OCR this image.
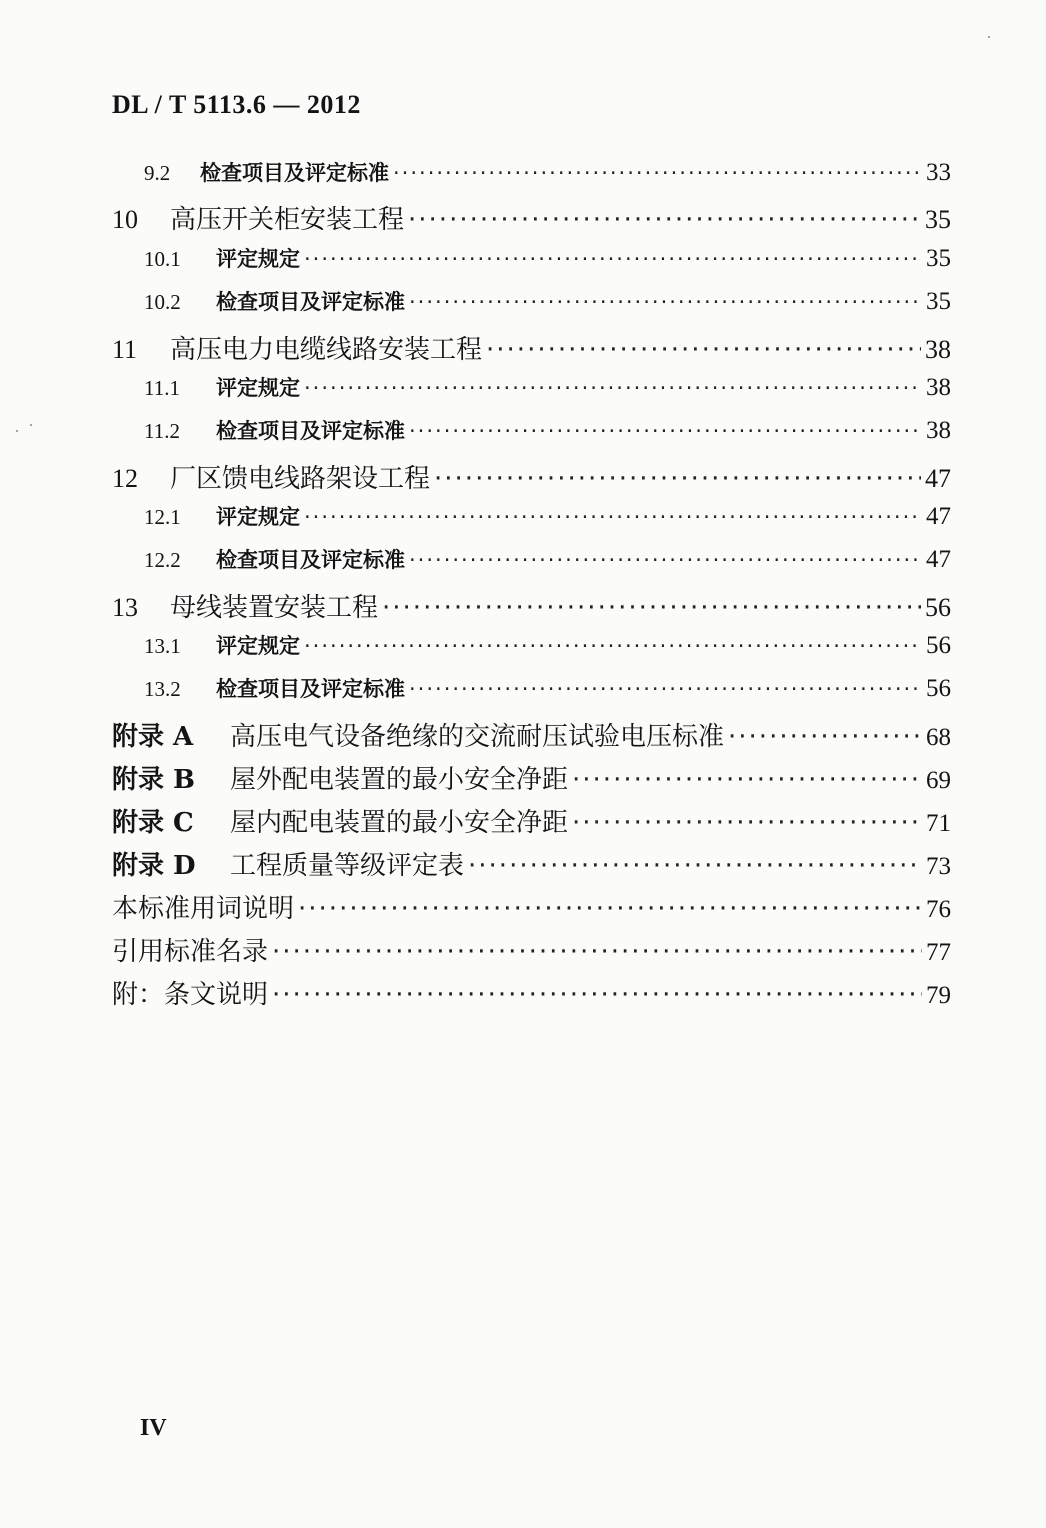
DL / T 5113.6 — 2012
9.2	检查项目及评定标准 ·····	33
10	高压开关柜安装工程 ·····	35
10.1	评定规定 ·····	35
10.2	检查项目及评定标准 ·····	35
11	高压电力电缆线路安装工程 ·····	38
11.1	评定规定 ·····	38
11.2	检查项目及评定标准 ·····	38
12	厂区馈电线路架设工程 ·····	47
12.1	评定规定 ·····	47
12.2	检查项目及评定标准 ·····	47
13	母线装置安装工程 ·····	56
13.1	评定规定 ·····	56
13.2	检查项目及评定标准 ·····	56
附录 A	高压电气设备绝缘的交流耐压试验电压标准 ·····	68
附录 B	屋外配电装置的最小安全净距 ·····	69
附录 C	屋内配电装置的最小安全净距 ·····	71
附录 D	工程质量等级评定表 ·····	73
本标准用词说明 ·····	76
引用标准名录 ·····	77
附：条文说明 ·····	79
IV
